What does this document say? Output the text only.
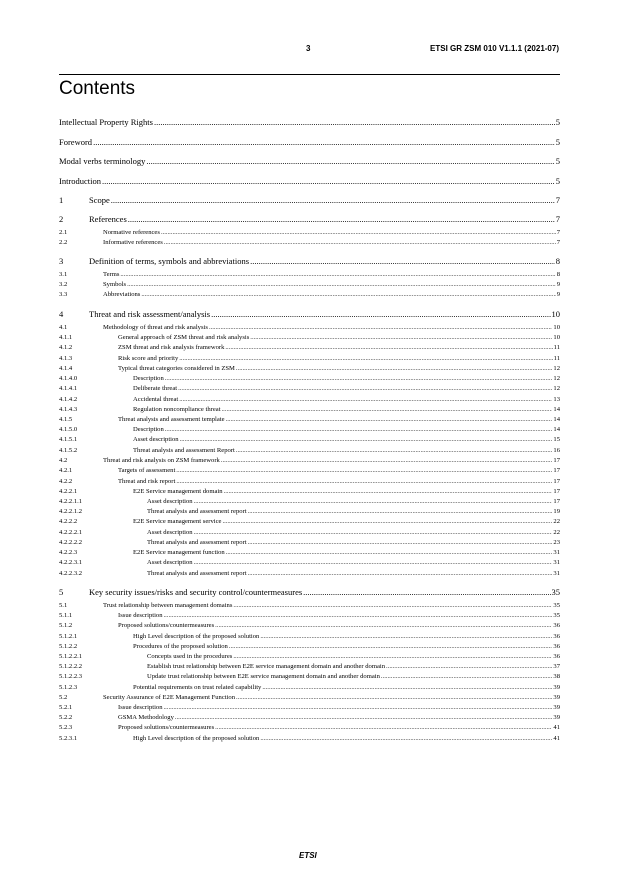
3	ETSI GR ZSM 010 V1.1.1 (2021-07)
Contents
Intellectual Property Rights .....	5
Foreword .....	5
Modal verbs terminology .....	5
Introduction .....	5
1	Scope .....	7
2	References .....	7
2.1	Normative references .....	7
2.2	Informative references .....	7
3	Definition of terms, symbols and abbreviations .....	8
3.1	Terms .....	8
3.2	Symbols .....	9
3.3	Abbreviations .....	9
4	Threat and risk assessment/analysis .....	10
4.1	Methodology of threat and risk analysis .....	10
4.1.1	General approach of ZSM threat and risk analysis .....	10
4.1.2	ZSM threat and risk analysis framework .....	11
4.1.3	Risk score and priority .....	11
4.1.4	Typical threat categories considered in ZSM .....	12
4.1.4.0	Description .....	12
4.1.4.1	Deliberate threat .....	12
4.1.4.2	Accidental threat .....	13
4.1.4.3	Regulation noncompliance threat .....	14
4.1.5	Threat analysis and assessment template .....	14
4.1.5.0	Description .....	14
4.1.5.1	Asset description .....	15
4.1.5.2	Threat analysis and assessment Report .....	16
4.2	Threat and risk analysis on ZSM framework .....	17
4.2.1	Targets of assessment .....	17
4.2.2	Threat and risk report .....	17
4.2.2.1	E2E Service management domain .....	17
4.2.2.1.1	Asset description .....	17
4.2.2.1.2	Threat analysis and assessment report .....	19
4.2.2.2	E2E Service management service .....	22
4.2.2.2.1	Asset description .....	22
4.2.2.2.2	Threat analysis and assessment report .....	23
4.2.2.3	E2E Service management function .....	31
4.2.2.3.1	Asset description .....	31
4.2.2.3.2	Threat analysis and assessment report .....	31
5	Key security issues/risks and security control/countermeasures .....	35
5.1	Trust relationship between management domains .....	35
5.1.1	Issue description .....	35
5.1.2	Proposed solutions/countermeasures .....	36
5.1.2.1	High Level description of the proposed solution .....	36
5.1.2.2	Procedures of the proposed solution .....	36
5.1.2.2.1	Concepts used in the procedures .....	36
5.1.2.2.2	Establish trust relationship between E2E service management domain and another domain .....	37
5.1.2.2.3	Update trust relationship between E2E service management domain and another domain .....	38
5.1.2.3	Potential requirements on trust related capability .....	39
5.2	Security Assurance of E2E Management Function .....	39
5.2.1	Issue description .....	39
5.2.2	GSMA Methodology .....	39
5.2.3	Proposed solutions/countermeasures .....	41
5.2.3.1	High Level description of the proposed solution .....	41
ETSI
